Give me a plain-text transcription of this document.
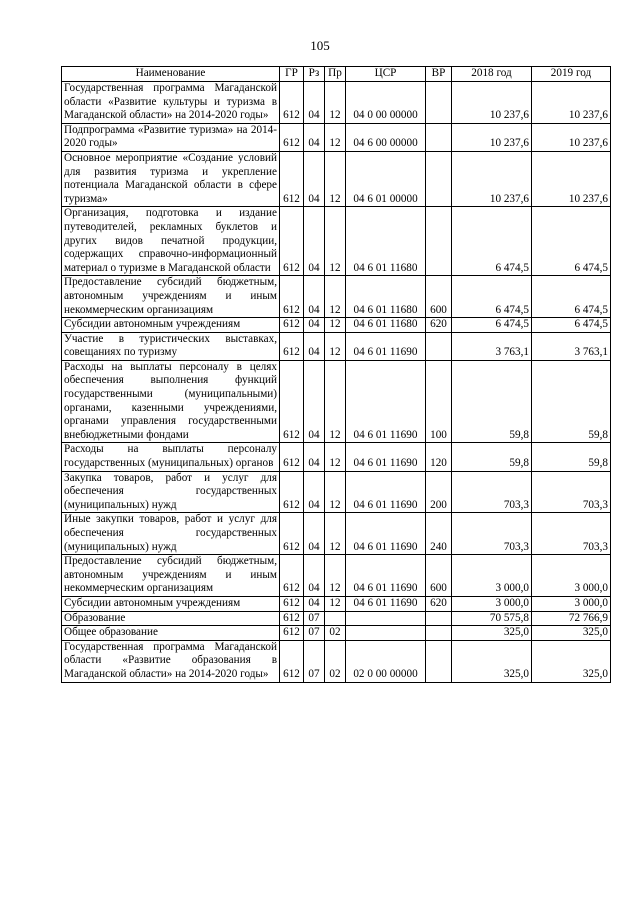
105
Наименование	ГР	Рз	Пр	ЦСР	ВР	2018 год	2019 год
Государственная программа Магаданской области «Развитие культуры и туризма в Магаданской области» на 2014-2020 годы»	612	04	12	04 0 00 00000		10 237,6	10 237,6
Подпрограмма «Развитие туризма» на 2014-2020 годы»	612	04	12	04 6 00 00000		10 237,6	10 237,6
Основное мероприятие «Создание условий для развития туризма и укрепление потенциала Магаданской области в сфере туризма»	612	04	12	04 6 01 00000		10 237,6	10 237,6
Организация, подготовка и издание путеводителей, рекламных буклетов и других видов печатной продукции, содержащих справочно-информационный материал о туризме в Магаданской области	612	04	12	04 6 01 11680		6 474,5	6 474,5
Предоставление субсидий бюджетным, автономным учреждениям и иным некоммерческим организациям	612	04	12	04 6 01 11680	600	6 474,5	6 474,5
Субсидии автономным учреждениям	612	04	12	04 6 01 11680	620	6 474,5	6 474,5
Участие в туристических выставках, совещаниях по туризму	612	04	12	04 6 01 11690		3 763,1	3 763,1
Расходы на выплаты персоналу в целях обеспечения выполнения функций государственными (муниципальными) органами, казенными учреждениями, органами управления государственными внебюджетными фондами	612	04	12	04 6 01 11690	100	59,8	59,8
Расходы на выплаты персоналу государственных (муниципальных) органов	612	04	12	04 6 01 11690	120	59,8	59,8
Закупка товаров, работ и услуг для обеспечения государственных (муниципальных) нужд	612	04	12	04 6 01 11690	200	703,3	703,3
Иные закупки товаров, работ и услуг для обеспечения государственных (муниципальных) нужд	612	04	12	04 6 01 11690	240	703,3	703,3
Предоставление субсидий бюджетным, автономным учреждениям и иным некоммерческим организациям	612	04	12	04 6 01 11690	600	3 000,0	3 000,0
Субсидии автономным учреждениям	612	04	12	04 6 01 11690	620	3 000,0	3 000,0
Образование	612	07				70 575,8	72 766,9
Общее образование	612	07	02			325,0	325,0
Государственная программа Магаданской области «Развитие образования в Магаданской области» на 2014-2020 годы»	612	07	02	02 0 00 00000		325,0	325,0
